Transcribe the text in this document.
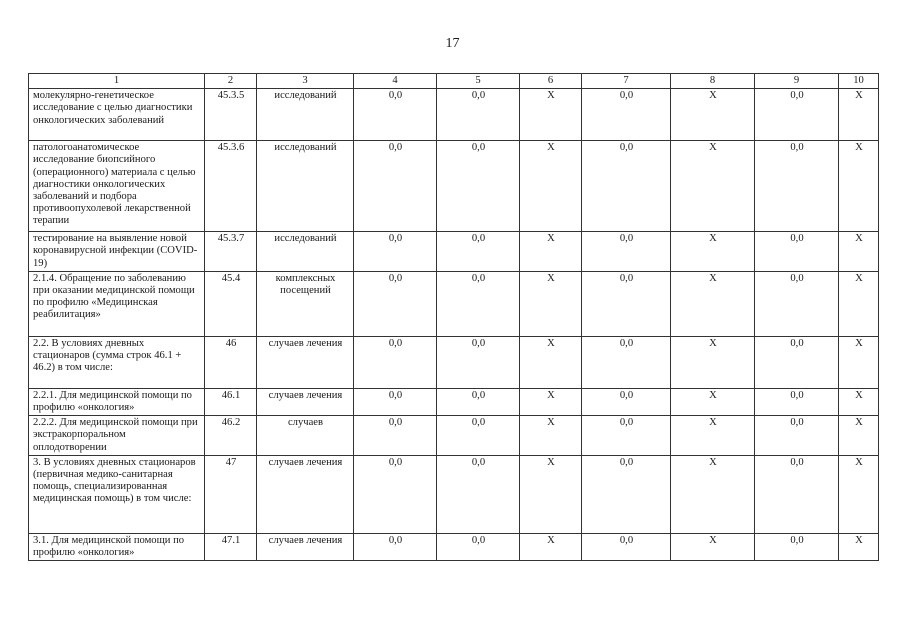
17
1	2	3	4	5	6	7	8	9	10
молекулярно-генетическое исследование с целью диагностики онкологических заболеваний	45.3.5	исследований	0,0	0,0	Х	0,0	Х	0,0	Х
патологоанатомическое исследование биопсийного (операционного) материала с целью диагностики онкологических заболеваний и подбора противоопухолевой лекарственной терапии	45.3.6	исследований	0,0	0,0	Х	0,0	Х	0,0	Х
тестирование на выявление новой коронавирусной инфекции (COVID-19)	45.3.7	исследований	0,0	0,0	Х	0,0	Х	0,0	Х
2.1.4. Обращение по заболеванию при оказании медицинской помощи по профилю «Медицинская реабилитация»	45.4	комплексных посещений	0,0	0,0	Х	0,0	Х	0,0	Х
2.2. В условиях дневных стационаров (сумма строк 46.1 + 46.2) в том числе:	46	случаев лечения	0,0	0,0	Х	0,0	Х	0,0	Х
2.2.1. Для медицинской помощи по профилю «онкология»	46.1	случаев лечения	0,0	0,0	Х	0,0	Х	0,0	Х
2.2.2. Для медицинской помощи при экстракорпоральном оплодотворении	46.2	случаев	0,0	0,0	Х	0,0	Х	0,0	Х
3. В условиях дневных стационаров (первичная медико-санитарная помощь, специализированная медицинская помощь) в том числе:	47	случаев лечения	0,0	0,0	Х	0,0	Х	0,0	Х
3.1. Для медицинской помощи по профилю «онкология»	47.1	случаев лечения	0,0	0,0	Х	0,0	Х	0,0	Х
